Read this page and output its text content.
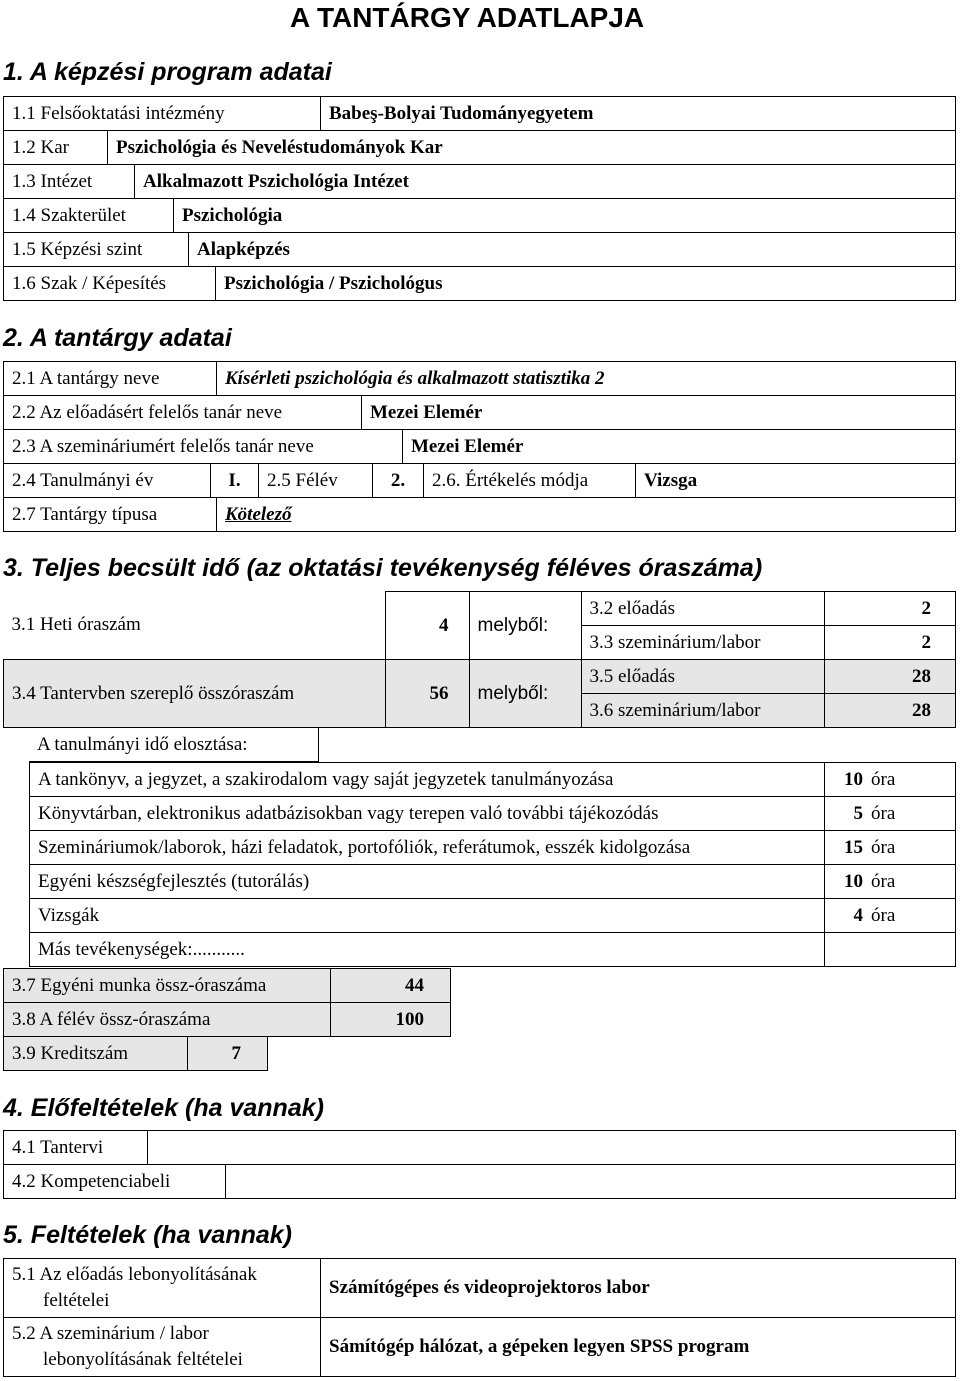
A TANTÁRGY ADATLAPJA
1. A képzési program adatai
1.1 Felsőoktatási intézmény	Babeş-Bolyai Tudományegyetem
1.2 Kar	Pszichológia és Neveléstudományok Kar
1.3 Intézet	Alkalmazott Pszichológia Intézet
1.4 Szakterület	Pszichológia
1.5 Képzési szint	Alapképzés
1.6 Szak / Képesítés	Pszichológia / Pszichológus
2. A tantárgy adatai
2.1 A tantárgy neve	Kísérleti pszichológia és alkalmazott statisztika 2
2.2 Az előadásért felelős tanár neve	Mezei Elemér
2.3 A szemináriumért felelős tanár neve	Mezei Elemér
2.4 Tanulmányi év	I.	2.5 Félév	2.	2.6. Értékelés módja	Vizsga
2.7 Tantárgy típusa	Kötelező
3. Teljes becsült idő (az oktatási tevékenység féléves óraszáma)
3.1 Heti óraszám	4	melyből:	3.2 előadás	2
			3.3 szeminárium/labor	2
3.4 Tantervben szereplő összóraszám	56	melyből:	3.5 előadás	28
			3.6 szeminárium/labor	28
A tanulmányi idő elosztása:
A tankönyv, a jegyzet, a szakirodalom vagy saját jegyzetek tanulmányozása	10	óra
Könyvtárban, elektronikus adatbázisokban vagy terepen való további tájékozódás	5	óra
Szemináriumok/laborok, házi feladatok, portofóliók, referátumok, esszék kidolgozása	15	óra
Egyéni készségfejlesztés (tutorálás)	10	óra
Vizsgák	4	óra
Más tevékenységek:...........		
3.7 Egyéni munka össz-óraszáma	44
3.8 A félév össz-óraszáma	100
3.9 Kreditszám	7
4. Előfeltételek (ha vannak)
4.1 Tantervi	
4.2 Kompetenciabeli	
5. Feltételek (ha vannak)
5.1 Az előadás lebonyolításának
feltételei	Számítógépes és videoprojektoros labor

5.2 A szeminárium / labor
lebonyolításának feltételei	Sámítógép hálózat, a gépeken legyen SPSS program
